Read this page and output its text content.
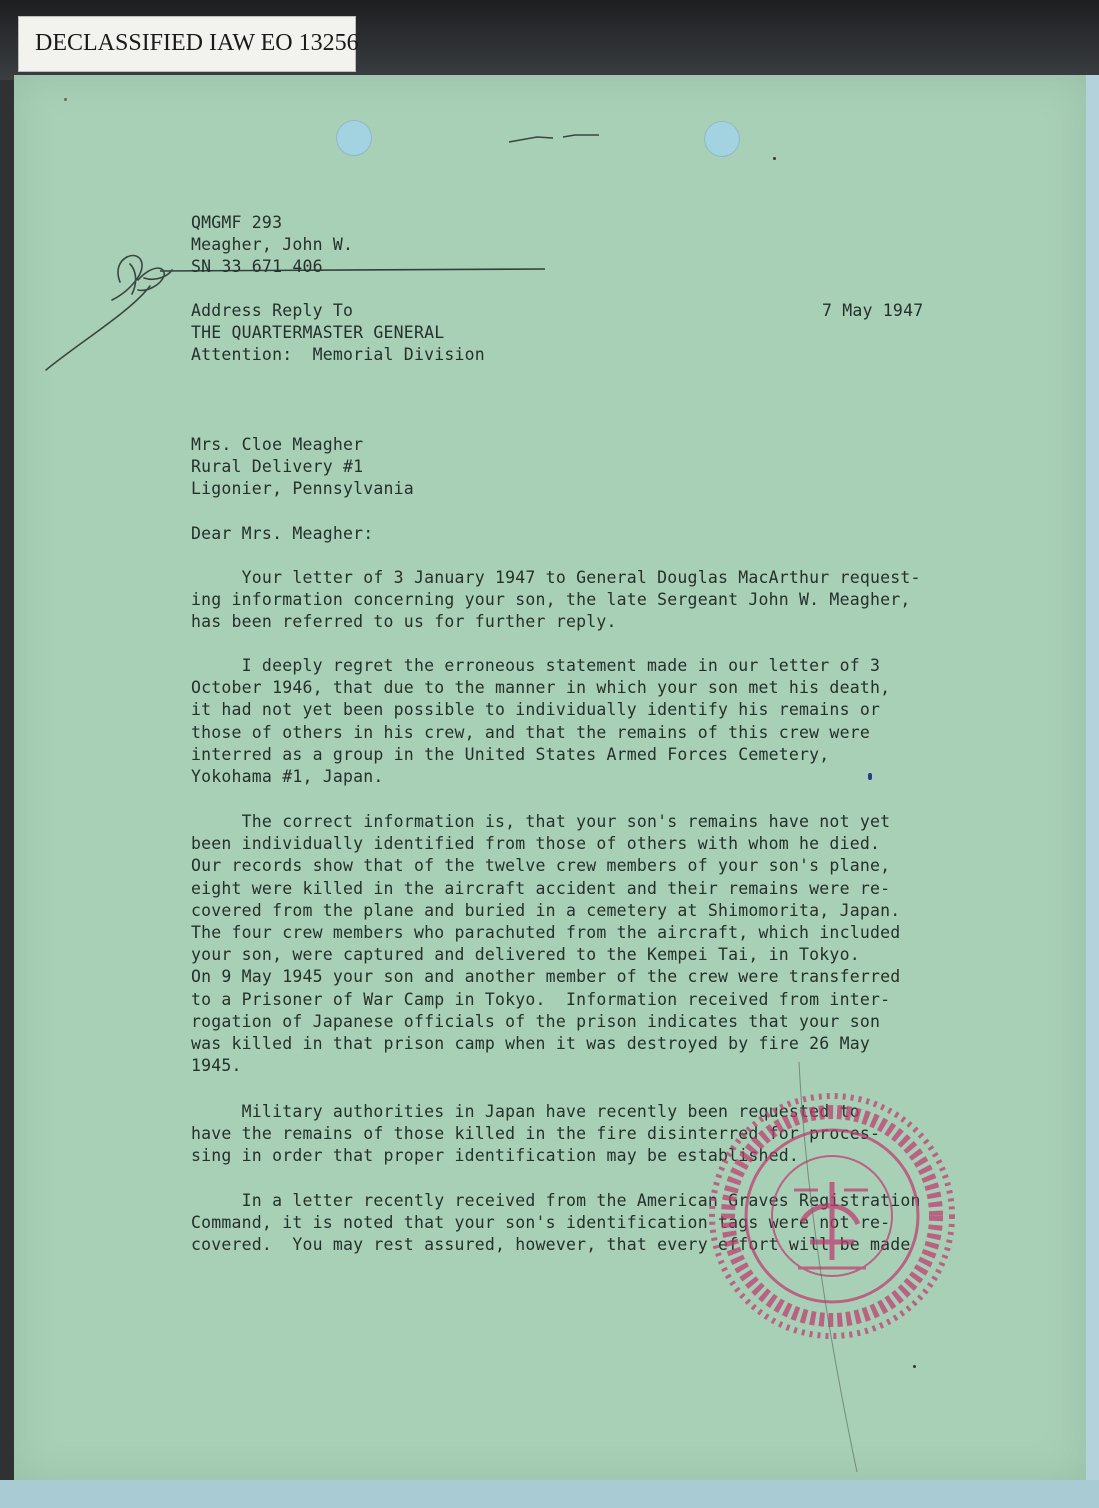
DECLASSIFIED IAW EO 13256
QMGMF 293
Meagher, John W.
SN 33 671 406
Address Reply To
THE QUARTERMASTER GENERAL
Attention:  Memorial Division
7 May 1947
Mrs. Cloe Meagher
Rural Delivery #1
Ligonier, Pennsylvania
Dear Mrs. Meagher:
Your letter of 3 January 1947 to General Douglas MacArthur request-
ing information concerning your son, the late Sergeant John W. Meagher,
has been referred to us for further reply.
I deeply regret the erroneous statement made in our letter of 3
October 1946, that due to the manner in which your son met his death,
it had not yet been possible to individually identify his remains or
those of others in his crew, and that the remains of this crew were
interred as a group in the United States Armed Forces Cemetery,
Yokohama #1, Japan.
The correct information is, that your son's remains have not yet
been individually identified from those of others with whom he died.
Our records show that of the twelve crew members of your son's plane,
eight were killed in the aircraft accident and their remains were re-
covered from the plane and buried in a cemetery at Shimomorita, Japan.
The four crew members who parachuted from the aircraft, which included
your son, were captured and delivered to the Kempei Tai, in Tokyo.
On 9 May 1945 your son and another member of the crew were transferred
to a Prisoner of War Camp in Tokyo.  Information received from inter-
rogation of Japanese officials of the prison indicates that your son
was killed in that prison camp when it was destroyed by fire 26 May
1945.
Military authorities in Japan have recently been requested to
have the remains of those killed in the fire disinterred for proces-
sing in order that proper identification may be established.
In a letter recently received from the American Graves Registration
Command, it is noted that your son's identification tags were not re-
covered.  You may rest assured, however, that every effort will be made
